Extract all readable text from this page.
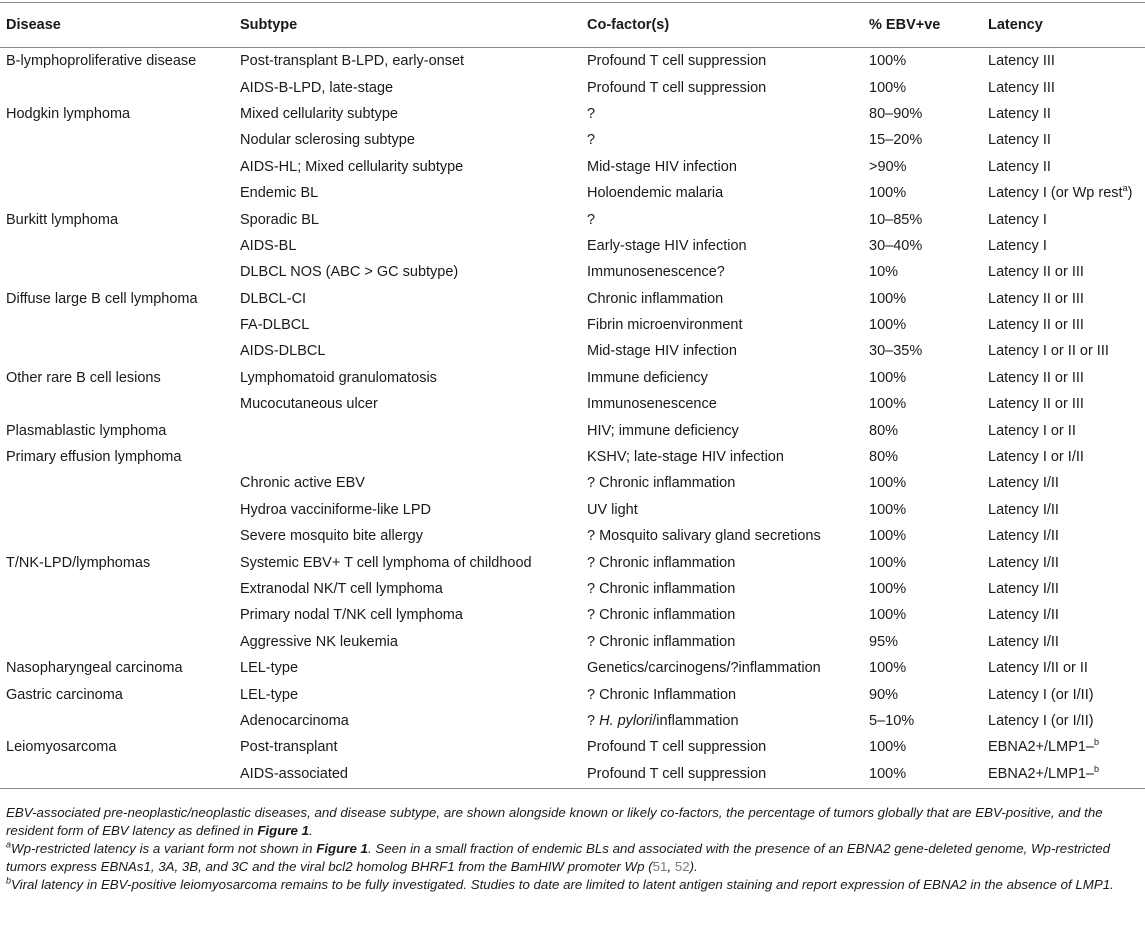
Disease	Subtype	Co-factor(s)	% EBV+ve	Latency
B-lymphoproliferative disease	Post-transplant B-LPD, early-onset	Profound T cell suppression	100%	Latency III
	AIDS-B-LPD, late-stage	Profound T cell suppression	100%	Latency III
Hodgkin lymphoma	Mixed cellularity subtype	?	80–90%	Latency II
	Nodular sclerosing subtype	?	15–20%	Latency II
	AIDS-HL; Mixed cellularity subtype	Mid-stage HIV infection	>90%	Latency II
	Endemic BL	Holoendemic malaria	100%	Latency I (or Wp rest$^a$)
Burkitt lymphoma	Sporadic BL	?	10–85%	Latency I
	AIDS-BL	Early-stage HIV infection	30–40%	Latency I
	DLBCL NOS (ABC > GC subtype)	Immunosenescence?	10%	Latency II or III
Diffuse large B cell lymphoma	DLBCL-CI	Chronic inflammation	100%	Latency II or III
	FA-DLBCL	Fibrin microenvironment	100%	Latency II or III
	AIDS-DLBCL	Mid-stage HIV infection	30–35%	Latency I or II or III
Other rare B cell lesions	Lymphomatoid granulomatosis	Immune deficiency	100%	Latency II or III
	Mucocutaneous ulcer	Immunosenescence	100%	Latency II or III
Plasmablastic lymphoma		HIV; immune deficiency	80%	Latency I or II
Primary effusion lymphoma		KSHV; late-stage HIV infection	80%	Latency I or I/II
	Chronic active EBV	? Chronic inflammation	100%	Latency I/II
	Hydroa vacciniforme-like LPD	UV light	100%	Latency I/II
	Severe mosquito bite allergy	? Mosquito salivary gland secretions	100%	Latency I/II
T/NK-LPD/lymphomas	Systemic EBV+ T cell lymphoma of childhood	? Chronic inflammation	100%	Latency I/II
	Extranodal NK/T cell lymphoma	? Chronic inflammation	100%	Latency I/II
	Primary nodal T/NK cell lymphoma	? Chronic inflammation	100%	Latency I/II
	Aggressive NK leukemia	? Chronic inflammation	95%	Latency I/II
Nasopharyngeal carcinoma	LEL-type	Genetics/carcinogens/?inflammation	100%	Latency I/II or II
Gastric carcinoma	LEL-type	? Chronic Inflammation	90%	Latency I (or I/II)
	Adenocarcinoma	? H. pylori/inflammation	5–10%	Latency I (or I/II)
Leiomyosarcoma	Post-transplant	Profound T cell suppression	100%	EBNA2+/LMP1–$^b$
	AIDS-associated	Profound T cell suppression	100%	EBNA2+/LMP1–$^b$

EBV-associated pre-neoplastic/neoplastic diseases, and disease subtype, are shown alongside known or likely co-factors, the percentage of tumors globally that are EBV-positive, and the resident form of EBV latency as defined in Figure 1.

$^a$Wp-restricted latency is a variant form not shown in Figure 1. Seen in a small fraction of endemic BLs and associated with the presence of an EBNA2 gene-deleted genome, Wp-restricted tumors express EBNAs1, 3A, 3B, and 3C and the viral bcl2 homolog BHRF1 from the BamHIW promoter Wp (51, 52).

$^b$Viral latency in EBV-positive leiomyosarcoma remains to be fully investigated. Studies to date are limited to latent antigen staining and report expression of EBNA2 in the absence of LMP1.
